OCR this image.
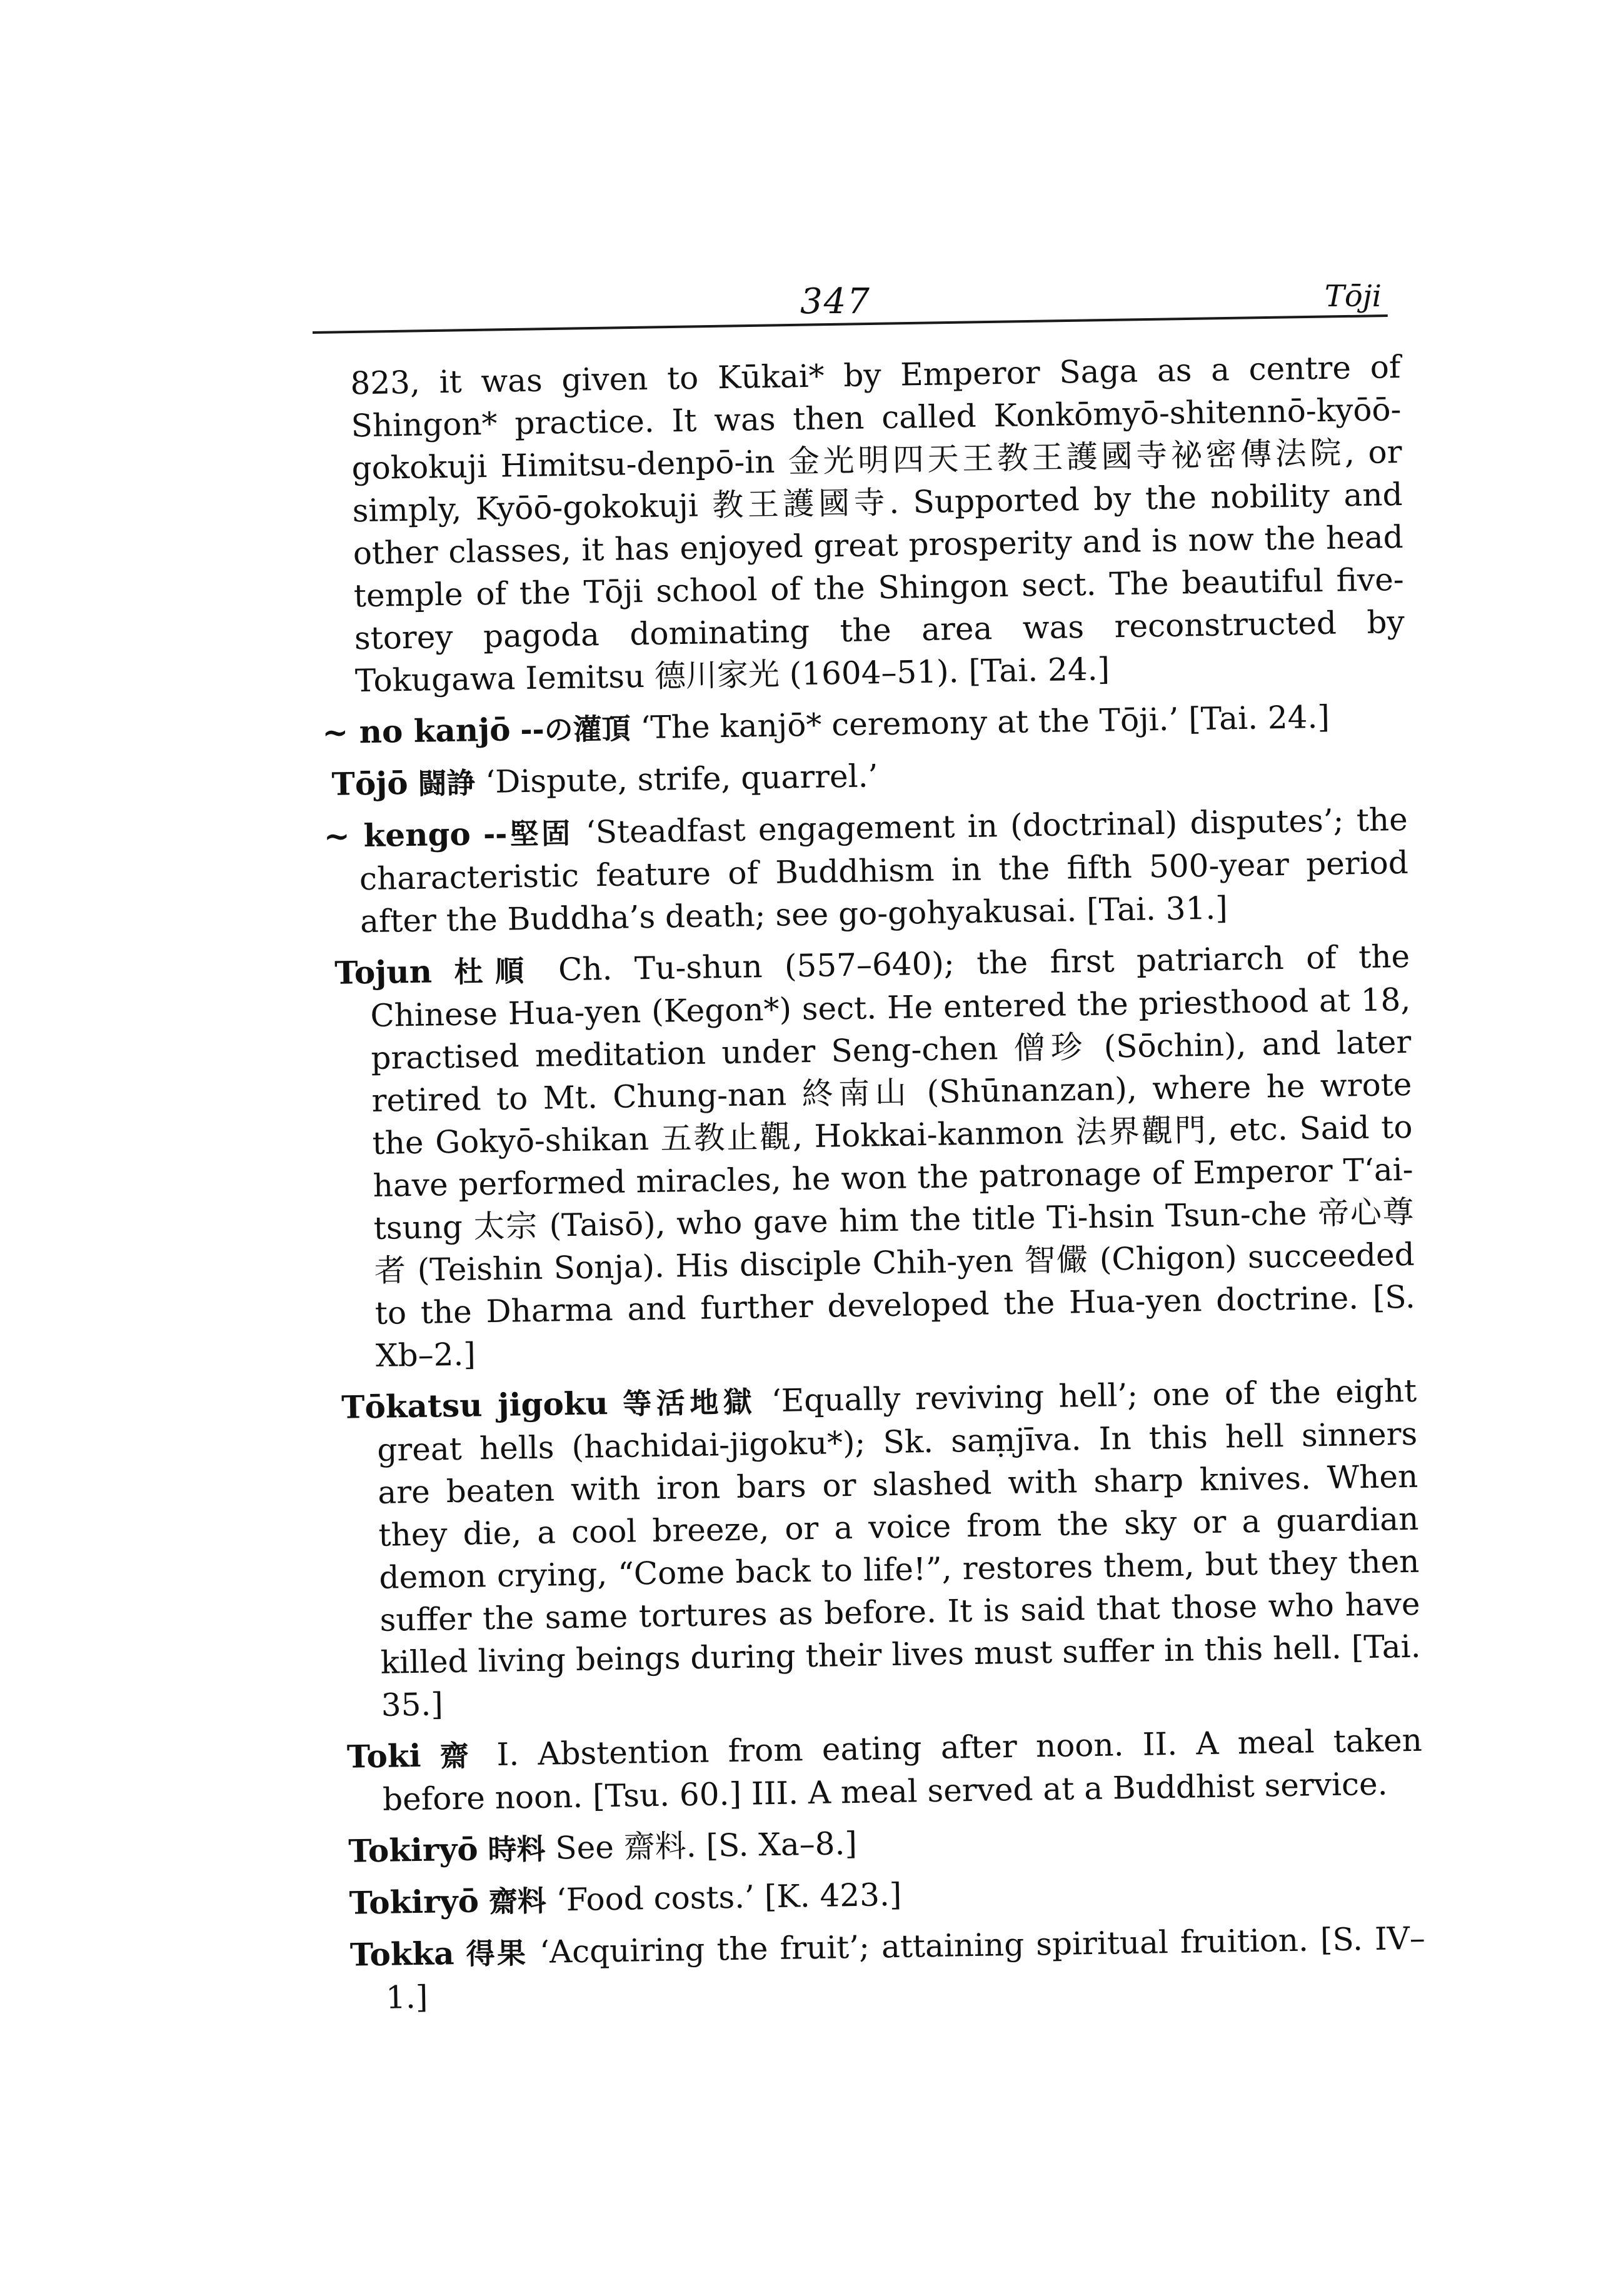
347	Tōji

823, it was given to Kūkai* by Emperor Saga as a centre of Shingon* practice. It was then called Konkōmyō-shitennō-kyōō-gokokuji Himitsu-denpō-in 金光明四天王教王護國寺祕密傳法院, or simply, Kyōō-gokokuji 教王護國寺. Supported by the nobility and other classes, it has enjoyed great prosperity and is now the head temple of the Tōji school of the Shingon sect. The beautiful five-storey pagoda dominating the area was reconstructed by Tokugawa Iemitsu 德川家光 (1604–51). [Tai. 24.]

~ no kanjō --の灌頂 ‘The kanjō* ceremony at the Tōji.’ [Tai. 24.]

Tōjō 闘諍 ‘Dispute, strife, quarrel.’

~ kengo --堅固 ‘Steadfast engagement in (doctrinal) disputes’; the characteristic feature of Buddhism in the fifth 500-year period after the Buddha’s death; see go-gohyakusai. [Tai. 31.]

Tojun 杜順 Ch. Tu-shun (557–640); the first patriarch of the Chinese Hua-yen (Kegon*) sect. He entered the priesthood at 18, practised meditation under Seng-chen 僧珍 (Sōchin), and later retired to Mt. Chung-nan 終南山 (Shūnanzan), where he wrote the Gokyō-shikan 五教止觀, Hokkai-kanmon 法界觀門, etc. Said to have performed miracles, he won the patronage of Emperor T‘ai-tsung 太宗 (Taisō), who gave him the title Ti-hsin Tsun-che 帝心尊者 (Teishin Sonja). His disciple Chih-yen 智儼 (Chigon) succeeded to the Dharma and further developed the Hua-yen doctrine. [S. Xb–2.]

Tōkatsu jigoku 等活地獄 ‘Equally reviving hell’; one of the eight great hells (hachidai-jigoku*); Sk. saṃjīva. In this hell sinners are beaten with iron bars or slashed with sharp knives. When they die, a cool breeze, or a voice from the sky or a guardian demon crying, “Come back to life!”, restores them, but they then suffer the same tortures as before. It is said that those who have killed living beings during their lives must suffer in this hell. [Tai. 35.]

Toki 齋 I. Abstention from eating after noon. II. A meal taken before noon. [Tsu. 60.] III. A meal served at a Buddhist service.

Tokiryō 時料 See 齋料. [S. Xa–8.]

Tokiryō 齋料 ‘Food costs.’ [K. 423.]

Tokka 得果 ‘Acquiring the fruit’; attaining spiritual fruition. [S. IV–1.]
